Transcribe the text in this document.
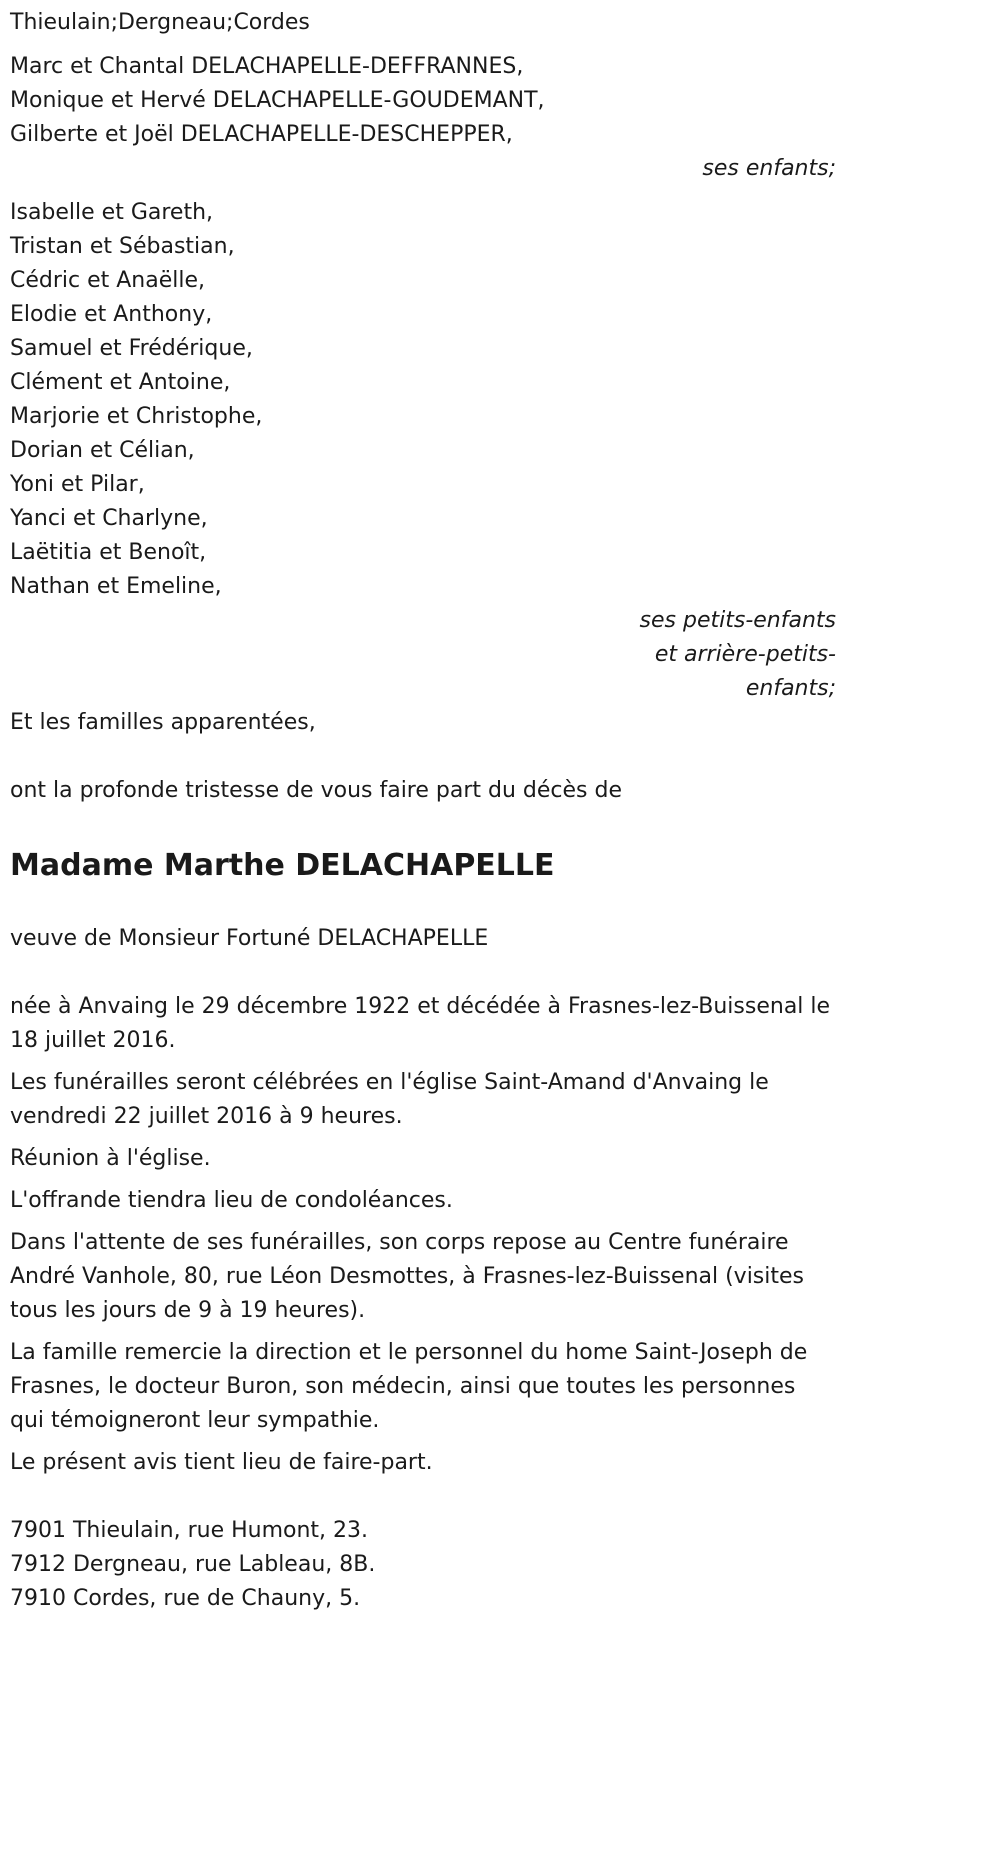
Thieulain;Dergneau;Cordes
Marc et Chantal DELACHAPELLE-DEFFRANNES,
Monique et Hervé DELACHAPELLE-GOUDEMANT,
Gilberte et Joël DELACHAPELLE-DESCHEPPER,
ses enfants;
Isabelle et Gareth,
Tristan et Sébastian,
Cédric et Anaëlle,
Elodie et Anthony,
Samuel et Frédérique,
Clément et Antoine,
Marjorie et Christophe,
Dorian et Célian,
Yoni et Pilar,
Yanci et Charlyne,
Laëtitia et Benoît,
Nathan et Emeline,
ses petits-enfants
et arrière-petits-
enfants;
Et les familles apparentées,
ont la profonde tristesse de vous faire part du décès de
Madame Marthe DELACHAPELLE
veuve de Monsieur Fortuné DELACHAPELLE
née à Anvaing le 29 décembre 1922 et décédée à Frasnes-lez-Buissenal le 18 juillet 2016.
Les funérailles seront célébrées en l'église Saint-Amand d'Anvaing le vendredi 22 juillet 2016 à 9 heures.
Réunion à l'église.
L'offrande tiendra lieu de condoléances.
Dans l'attente de ses funérailles, son corps repose au Centre funéraire André Vanhole, 80, rue Léon Desmottes, à Frasnes-lez-Buissenal (visites tous les jours de 9 à 19 heures).
La famille remercie la direction et le personnel du home Saint-Joseph de Frasnes, le docteur Buron, son médecin, ainsi que toutes les personnes qui témoigneront leur sympathie.
Le présent avis tient lieu de faire-part.
7901 Thieulain, rue Humont, 23.
7912 Dergneau, rue Lableau, 8B.
7910 Cordes, rue de Chauny, 5.
